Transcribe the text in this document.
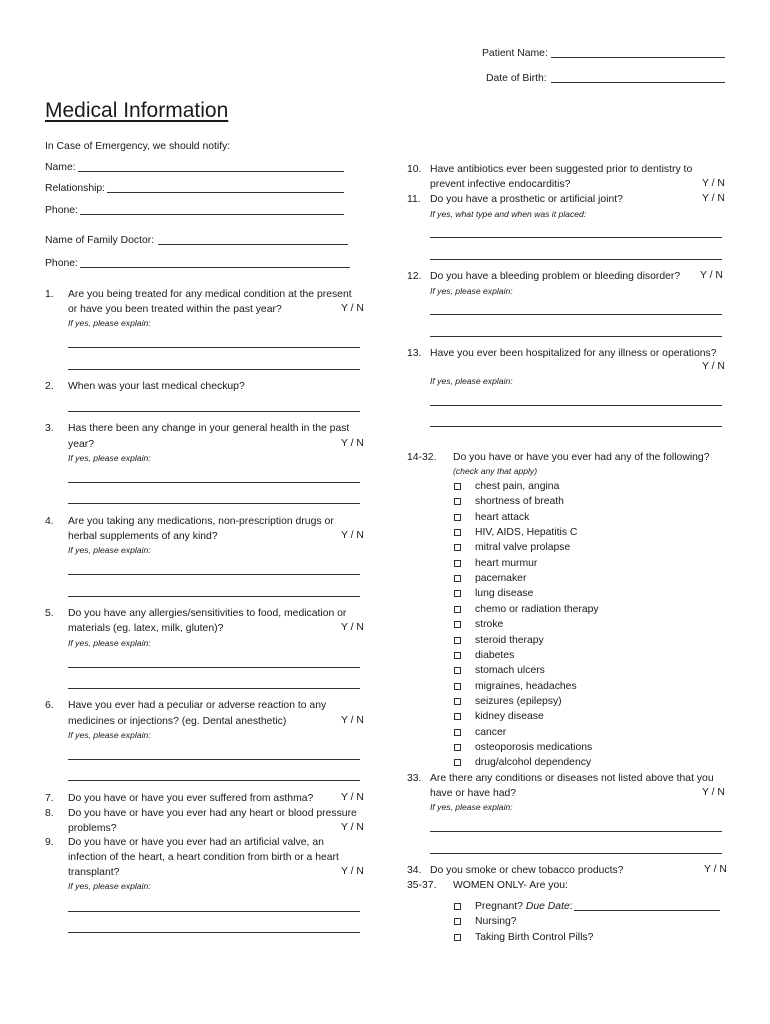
Patient Name:
Date of Birth:
Medical Information
In Case of Emergency, we should notify:
Name:
Relationship:
Phone:
Name of Family Doctor:
Phone:
1. Are you being treated for any medical condition at the present
or have you been treated within the past year?	Y / N
If yes, please explain:
2. When was your last medical checkup?
3. Has there been any change in your general health in the past
year?	Y / N
If yes, please explain:
4. Are you taking any medications, non-prescription drugs or
herbal supplements of any kind?	Y / N
If yes, please explain:
5. Do you have any allergies/sensitivities to food, medication or
materials (eg. latex, milk, gluten)?	Y / N
If yes, please explain:
6. Have you ever had a peculiar or adverse reaction to any
medicines or injections? (eg. Dental anesthetic)	Y / N
If yes, please explain:
7. Do you have or have you ever suffered from asthma?	Y / N
8. Do you have or have you ever had any heart or blood pressure
problems?	Y / N
9. Do you have or have you ever had an artificial valve, an
infection of the heart, a heart condition from birth or a heart
transplant?	Y / N
If yes, please explain:
10. Have antibiotics ever been suggested prior to dentistry to
prevent infective endocarditis?	Y / N
11. Do you have a prosthetic or artificial joint?	Y / N
If yes, what type and when was it placed:
12. Do you have a bleeding problem or bleeding disorder? Y / N
If yes, please explain:
13. Have you ever been hospitalized for any illness or operations?
Y / N
If yes, please explain:
14-32. Do you have or have you ever had any of the following?
(check any that apply)
chest pain, angina
shortness of breath
heart attack
HIV, AIDS, Hepatitis C
mitral valve prolapse
heart murmur
pacemaker
lung disease
chemo or radiation therapy
stroke
steroid therapy
diabetes
stomach ulcers
migraines, headaches
seizures (epilepsy)
kidney disease
cancer
osteoporosis medications
drug/alcohol dependency
33. Are there any conditions or diseases not listed above that you
have or have had?	Y / N
If yes, please explain:
34. Do you smoke or chew tobacco products?	Y / N
35-37. WOMEN ONLY- Are you:
Pregnant? Due Date:
Nursing?
Taking Birth Control Pills?
